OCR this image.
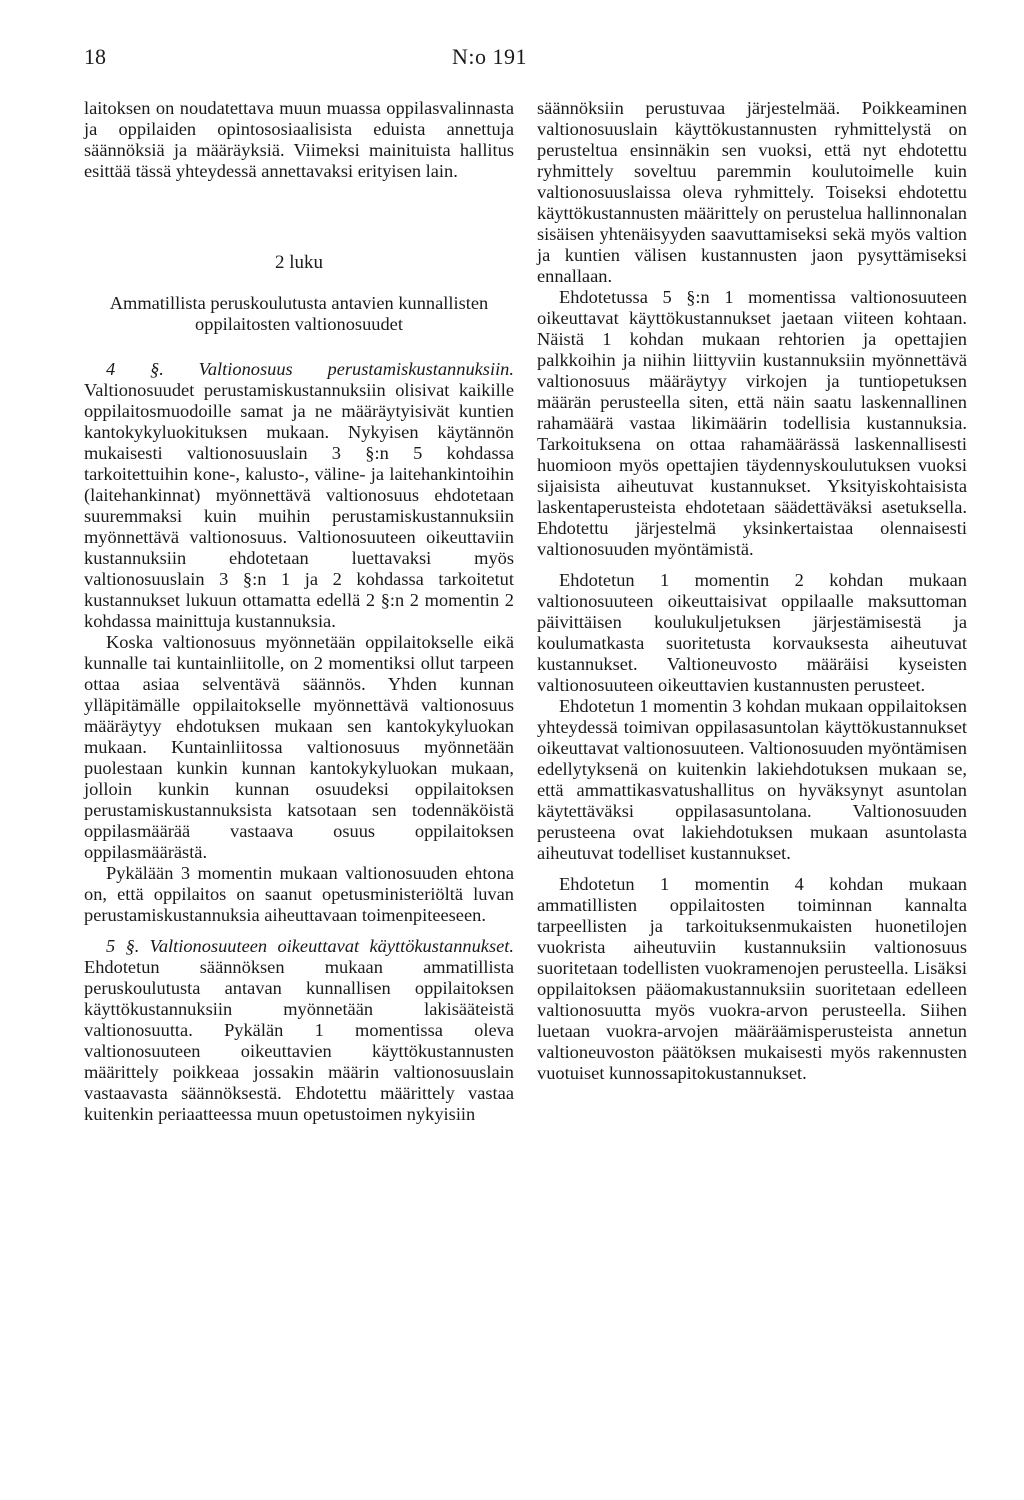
18	N:o 191

laitoksen on noudatettava muun muassa oppilasvalinnasta ja oppilaiden opintososiaalisista eduista annettuja säännöksiä ja määräyksiä. Viimeksi mainituista hallitus esittää tässä yhteydessä annettavaksi erityisen lain.

2 luku

Ammatillista peruskoulutusta antavien kunnallisten oppilaitosten valtionosuudet

4 §. Valtionosuus perustamiskustannuksiin. Valtionosuudet perustamiskustannuksiin olisivat kaikille oppilaitosmuodoille samat ja ne määräytyisivät kuntien kantokykyluokituksen mukaan. Nykyisen käytännön mukaisesti valtionosuuslain 3 §:n 5 kohdassa tarkoitettuihin kone-, kalusto-, väline- ja laitehankintoihin (laitehankinnat) myönnettävä valtionosuus ehdotetaan suuremmaksi kuin muihin perustamiskustannuksiin myönnettävä valtionosuus. Valtionosuuteen oikeuttaviin kustannuksiin ehdotetaan luettavaksi myös valtionosuuslain 3 §:n 1 ja 2 kohdassa tarkoitetut kustannukset lukuun ottamatta edellä 2 §:n 2 momentin 2 kohdassa mainittuja kustannuksia.

Koska valtionosuus myönnetään oppilaitokselle eikä kunnalle tai kuntainliitolle, on 2 momentiksi ollut tarpeen ottaa asiaa selventävä säännös. Yhden kunnan ylläpitämälle oppilaitokselle myönnettävä valtionosuus määräytyy ehdotuksen mukaan sen kantokykyluokan mukaan. Kuntainliitossa valtionosuus myönnetään puolestaan kunkin kunnan kantokykyluokan mukaan, jolloin kunkin kunnan osuudeksi oppilaitoksen perustamiskustannuksista katsotaan sen todennäköistä oppilasmäärää vastaava osuus oppilaitoksen oppilasmäärästä.

Pykälään 3 momentin mukaan valtionosuuden ehtona on, että oppilaitos on saanut opetusministeriöltä luvan perustamiskustannuksia aiheuttavaan toimenpiteeseen.

5 §. Valtionosuuteen oikeuttavat käyttökustannukset. Ehdotetun säännöksen mukaan ammatillista peruskoulutusta antavan kunnallisen oppilaitoksen käyttökustannuksiin myönnetään lakisääteistä valtionosuutta. Pykälän 1 momentissa oleva valtionosuuteen oikeuttavien käyttökustannusten määrittely poikkeaa jossakin määrin valtionosuuslain vastaavasta säännöksestä. Ehdotettu määrittely vastaa kuitenkin periaatteessa muun opetustoimen nykyisiin

säännöksiin perustuvaa järjestelmää. Poikkeaminen valtionosuuslain käyttökustannusten ryhmittelystä on perusteltua ensinnäkin sen vuoksi, että nyt ehdotettu ryhmittely soveltuu paremmin koulutoimelle kuin valtionosuuslaissa oleva ryhmittely. Toiseksi ehdotettu käyttökustannusten määrittely on perustelua hallinnonalan sisäisen yhtenäisyyden saavuttamiseksi sekä myös valtion ja kuntien välisen kustannusten jaon pysyttämiseksi ennallaan.

Ehdotetussa 5 §:n 1 momentissa valtionosuuteen oikeuttavat käyttökustannukset jaetaan viiteen kohtaan. Näistä 1 kohdan mukaan rehtorien ja opettajien palkkoihin ja niihin liittyviin kustannuksiin myönnettävä valtionosuus määräytyy virkojen ja tuntiopetuksen määrän perusteella siten, että näin saatu laskennallinen rahamäärä vastaa likimäärin todellisia kustannuksia. Tarkoituksena on ottaa rahamäärässä laskennallisesti huomioon myös opettajien täydennyskoulutuksen vuoksi sijaisista aiheutuvat kustannukset. Yksityiskohtaisista laskentaperusteista ehdotetaan säädettäväksi asetuksella. Ehdotettu järjestelmä yksinkertaistaa olennaisesti valtionosuuden myöntämistä.

Ehdotetun 1 momentin 2 kohdan mukaan valtionosuuteen oikeuttaisivat oppilaalle maksuttoman päivittäisen koulukuljetuksen järjestämisestä ja koulumatkasta suoritetusta korvauksesta aiheutuvat kustannukset. Valtioneuvosto määräisi kyseisten valtionosuuteen oikeuttavien kustannusten perusteet.

Ehdotetun 1 momentin 3 kohdan mukaan oppilaitoksen yhteydessä toimivan oppilasasuntolan käyttökustannukset oikeuttavat valtionosuuteen. Valtionosuuden myöntämisen edellytyksenä on kuitenkin lakiehdotuksen mukaan se, että ammattikasvatushallitus on hyväksynyt asuntolan käytettäväksi oppilasasuntolana. Valtionosuuden perusteena ovat lakiehdotuksen mukaan asuntolasta aiheutuvat todelliset kustannukset.

Ehdotetun 1 momentin 4 kohdan mukaan ammatillisten oppilaitosten toiminnan kannalta tarpeellisten ja tarkoituksenmukaisten huonetilojen vuokrista aiheutuviin kustannuksiin valtionosuus suoritetaan todellisten vuokramenojen perusteella. Lisäksi oppilaitoksen pääomakustannuksiin suoritetaan edelleen valtionosuutta myös vuokra-arvon perusteella. Siihen luetaan vuokra-arvojen määräämisperusteista annetun valtioneuvoston päätöksen mukaisesti myös rakennusten vuotuiset kunnossapitokustannukset.
